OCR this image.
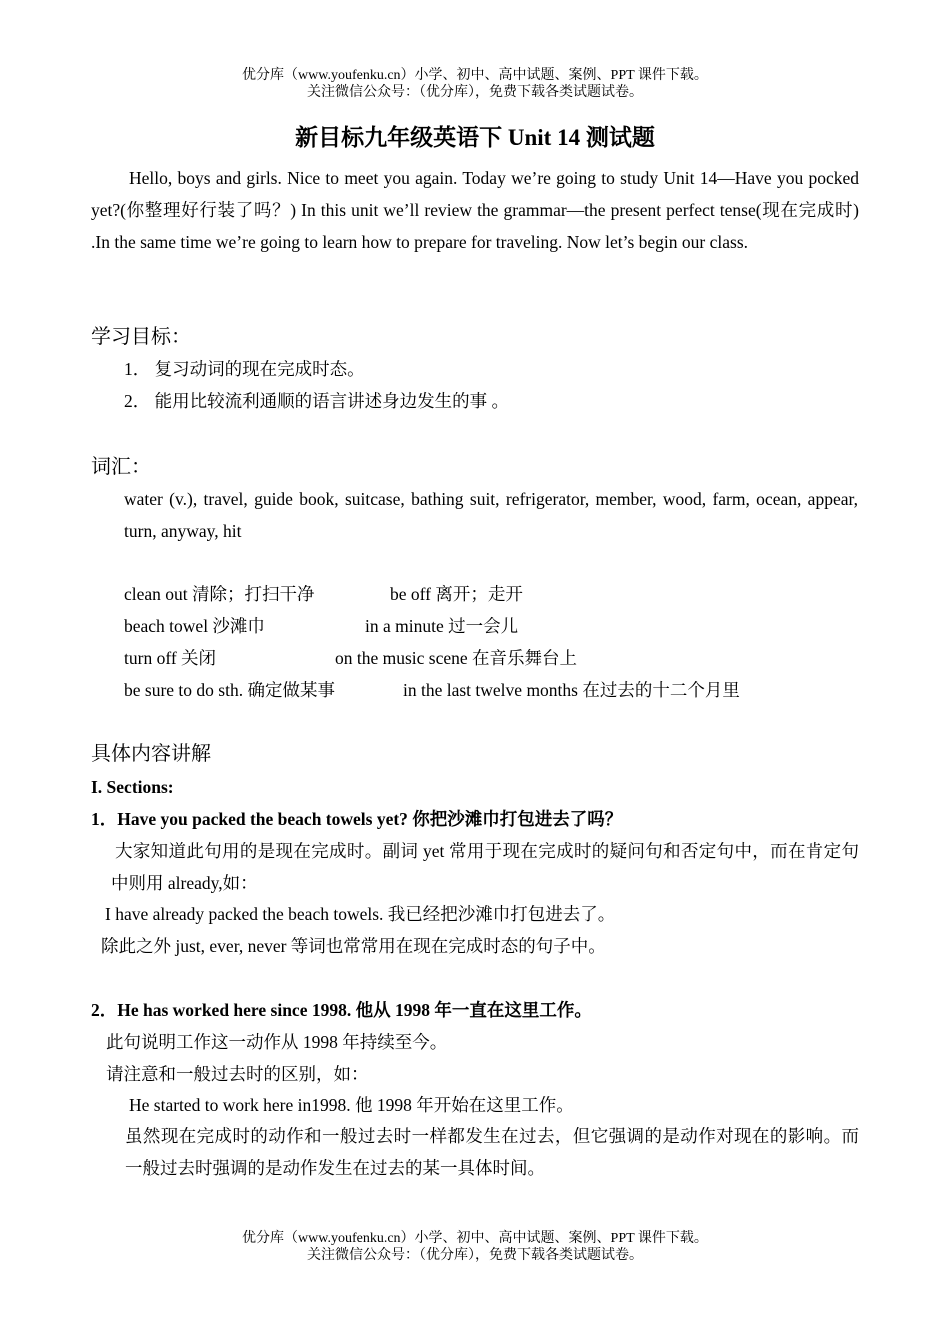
优分库（www.youfenku.cn）小学、初中、高中试题、案例、PPT 课件下载。
关注微信公众号：（优分库），免费下载各类试题试卷。
新目标九年级英语下 Unit 14 测试题
Hello, boys and girls. Nice to meet you again. Today we’re going to study Unit 14—Have you pocked yet?(你整理好行装了吗？) In this unit we’ll review the grammar—the present perfect tense(现在完成时) .In the same time we’re going to learn how to prepare for traveling. Now let’s begin our class.
学习目标：
1． 复习动词的现在完成时态。
2． 能用比较流利通顺的语言讲述身边发生的事 。
词汇：
water (v.), travel, guide book, suitcase, bathing suit, refrigerator, member, wood, farm, ocean, appear, turn, anyway, hit
clean out 清除；打扫干净	be off 离开；走开
beach towel 沙滩巾	in a minute 过一会儿
turn off 关闭	on the music scene 在音乐舞台上
be sure to do sth. 确定做某事	in the last twelve months 在过去的十二个月里
具体内容讲解
I. Sections:
1．Have you packed the beach towels yet? 你把沙滩巾打包进去了吗？
大家知道此句用的是现在完成时。副词 yet 常用于现在完成时的疑问句和否定句中，而在肯定句中则用 already,如：
I have already packed the beach towels. 我已经把沙滩巾打包进去了。
除此之外 just, ever, never 等词也常常用在现在完成时态的句子中。
2．He has worked here since 1998. 他从 1998 年一直在这里工作。
此句说明工作这一动作从 1998 年持续至今。
请注意和一般过去时的区别，如：
He started to work here in1998. 他 1998 年开始在这里工作。
虽然现在完成时的动作和一般过去时一样都发生在过去，但它强调的是动作对现在的影响。而一般过去时强调的是动作发生在过去的某一具体时间。
优分库（www.youfenku.cn）小学、初中、高中试题、案例、PPT 课件下载。
关注微信公众号：（优分库），免费下载各类试题试卷。
